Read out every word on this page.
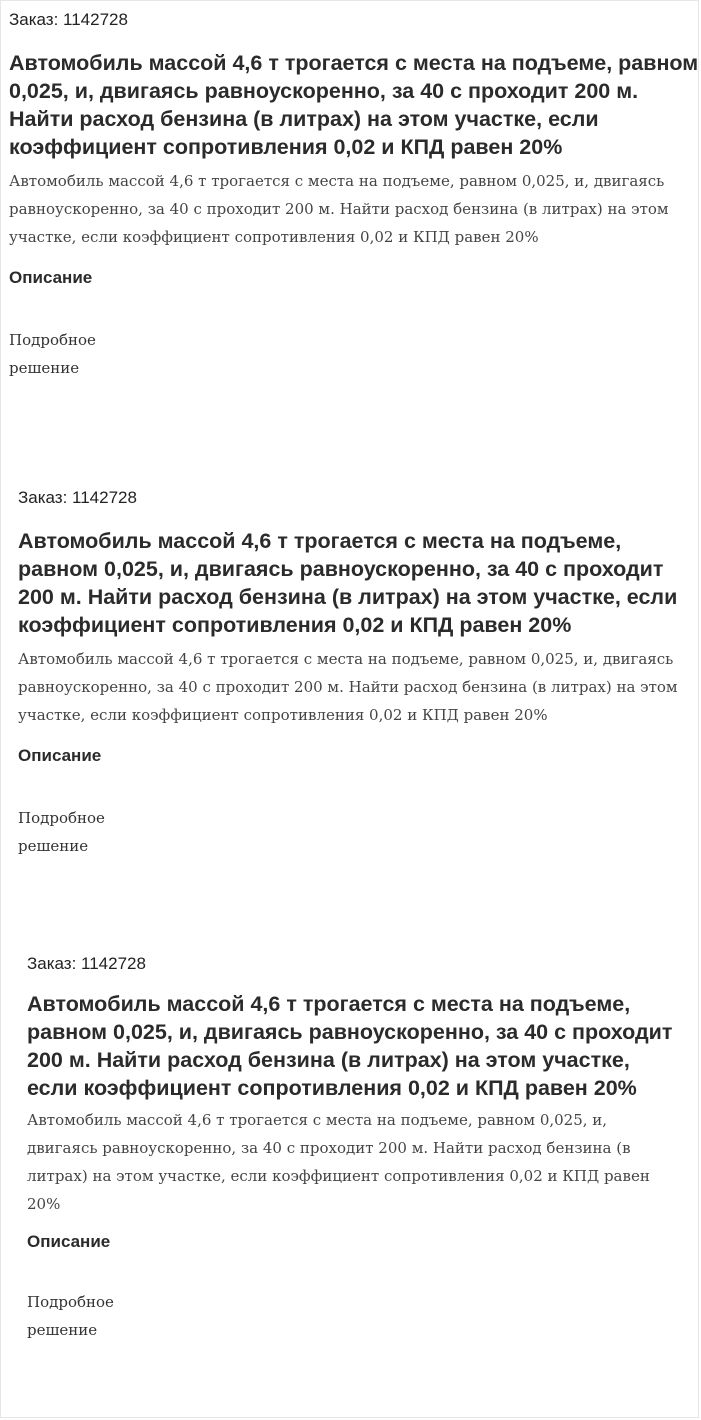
Заказ: 1142728

Автомобиль массой 4,6 т трогается с места на подъеме, равном 0,025, и, двигаясь равноускоренно, за 40 с проходит 200 м. Найти расход бензина (в литрах) на этом участке, если коэффициент сопротивления 0,02 и КПД равен 20%

Автомобиль массой 4,6 т трогается с места на подъеме, равном 0,025, и, двигаясь равноускоренно, за 40 с проходит 200 м. Найти расход бензина (в литрах) на этом участке, если коэффициент сопротивления 0,02 и КПД равен 20%

Описание

Подробное решение

Заказ: 1142728

Автомобиль массой 4,6 т трогается с места на подъеме, равном 0,025, и, двигаясь равноускоренно, за 40 с проходит 200 м. Найти расход бензина (в литрах) на этом участке, если коэффициент сопротивления 0,02 и КПД равен 20%

Автомобиль массой 4,6 т трогается с места на подъеме, равном 0,025, и, двигаясь равноускоренно, за 40 с проходит 200 м. Найти расход бензина (в литрах) на этом участке, если коэффициент сопротивления 0,02 и КПД равен 20%

Описание

Подробное решение

Заказ: 1142728

Автомобиль массой 4,6 т трогается с места на подъеме, равном 0,025, и, двигаясь равноускоренно, за 40 с проходит 200 м. Найти расход бензина (в литрах) на этом участке, если коэффициент сопротивления 0,02 и КПД равен 20%

Автомобиль массой 4,6 т трогается с места на подъеме, равном 0,025, и, двигаясь равноускоренно, за 40 с проходит 200 м. Найти расход бензина (в литрах) на этом участке, если коэффициент сопротивления 0,02 и КПД равен 20%

Описание

Подробное решение
